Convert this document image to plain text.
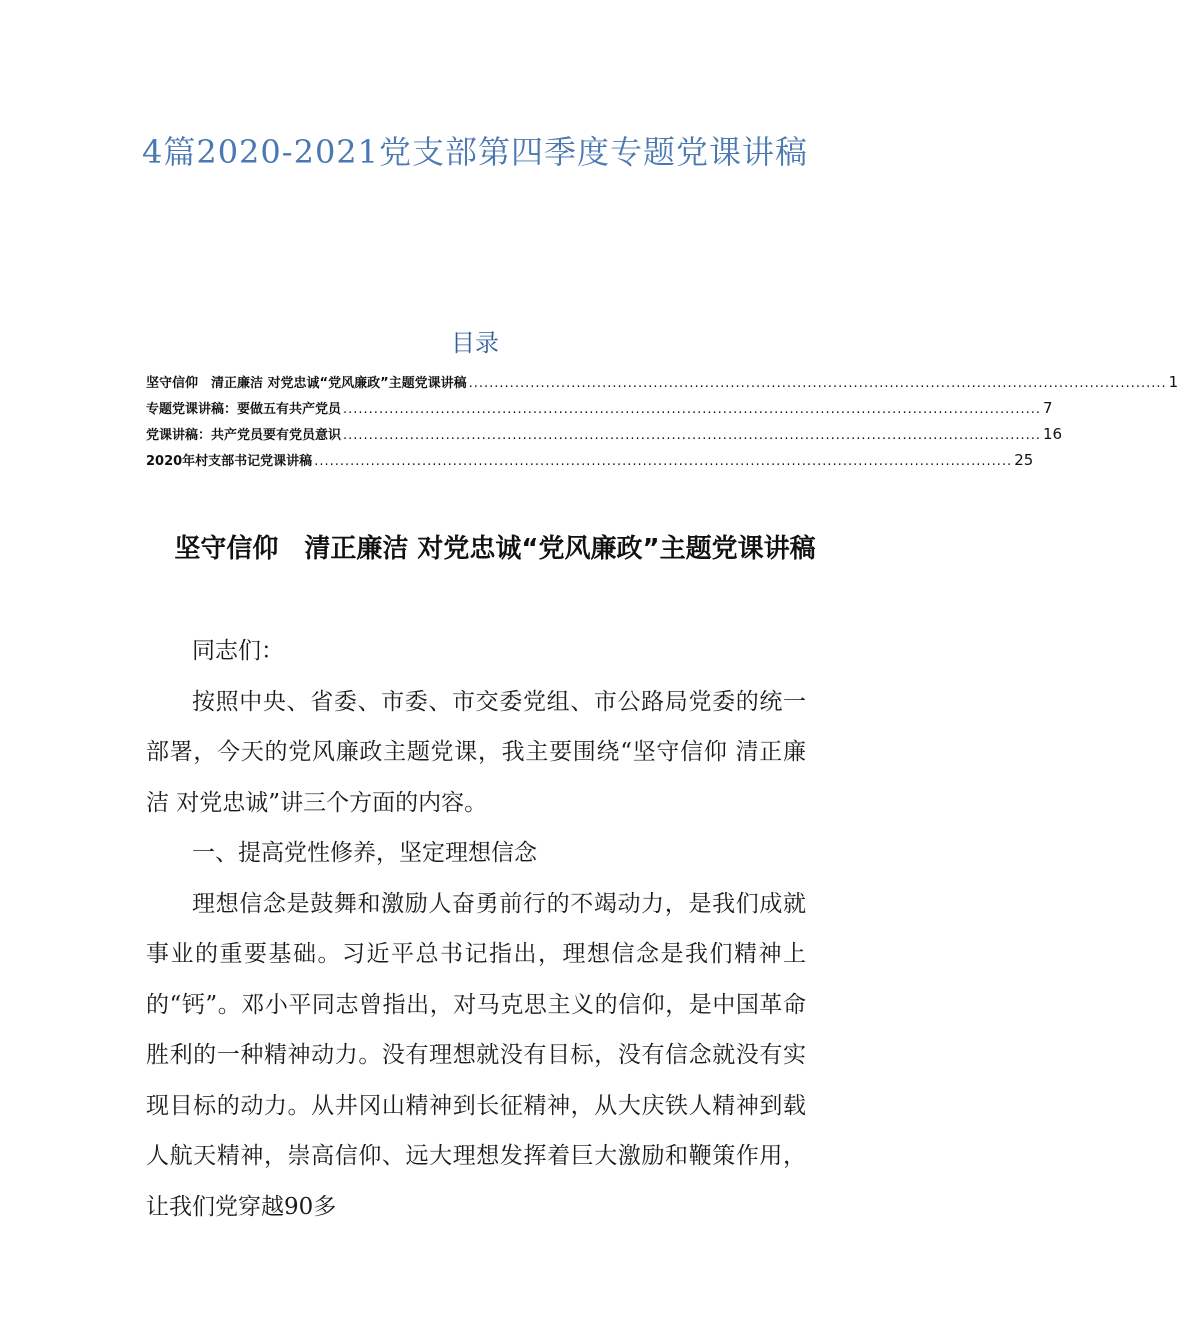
4篇2020-2021党支部第四季度专题党课讲稿
目录
坚守信仰　清正廉洁 对党忠诚“党风廉政”主题党课讲稿 ........................................................................................................................................ 1
专题党课讲稿：要做五有共产党员 ........................................................................................................................................ 7
党课讲稿：共产党员要有党员意识 ........................................................................................................................................ 16
2020年村支部书记党课讲稿 ........................................................................................................................................ 25
坚守信仰　清正廉洁 对党忠诚“党风廉政”主题党课讲稿

同志们：

按照中央、省委、市委、市交委党组、市公路局党委的统一部署，今天的党风廉政主题党课，我主要围绕“坚守信仰 清正廉洁 对党忠诚”讲三个方面的内容。

一、提高党性修养，坚定理想信念

理想信念是鼓舞和激励人奋勇前行的不竭动力，是我们成就事业的重要基础。习近平总书记指出，理想信念是我们精神上的“钙”。邓小平同志曾指出，对马克思主义的信仰，是中国革命胜利的一种精神动力。没有理想就没有目标，没有信念就没有实现目标的动力。从井冈山精神到长征精神，从大庆铁人精神到载人航天精神，崇高信仰、远大理想发挥着巨大激励和鞭策作用，让我们党穿越90多
